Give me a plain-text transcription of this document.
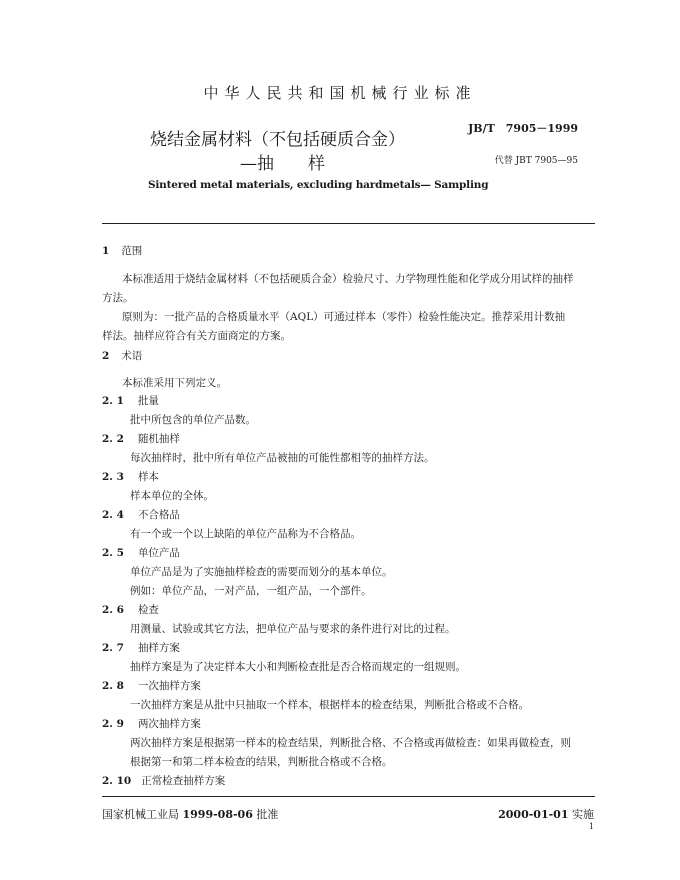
中华人民共和国机械行业标准
烧结金属材料（不包括硬质合金）
—抽　　样
JB/T　7905－1999
代替 JBT 7905—95
Sintered metal materials, excluding hardmetals— Sampling
1 范围
本标准适用于烧结金属材料（不包括硬质合金）检验尺寸、力学物理性能和化学成分用试样的抽样
方法。
原则为：一批产品的合格质量水平（AQL）可通过样本（零件）检验性能决定。推荐采用计数抽
样法。抽样应符合有关方面商定的方案。
2 术语
本标准采用下列定义。
2. 1 批量
批中所包含的单位产品数。
2. 2 随机抽样
每次抽样时，批中所有单位产品被抽的可能性都相等的抽样方法。
2. 3 样本
样本单位的全体。
2. 4 不合格品
有一个或一个以上缺陷的单位产品称为不合格品。
2. 5 单位产品
单位产品是为了实施抽样检查的需要而划分的基本单位。
例如：单位产品，一对产品，一组产品，一个部件。
2. 6 检查
用测量、试验或其它方法，把单位产品与要求的条件进行对比的过程。
2. 7 抽样方案
抽样方案是为了决定样本大小和判断检查批是否合格而规定的一组规则。
2. 8 一次抽样方案
一次抽样方案是从批中只抽取一个样本，根据样本的检查结果，判断批合格或不合格。
2. 9 两次抽样方案
两次抽样方案是根据第一样本的检查结果，判断批合格、不合格或再做检查：如果再做检查，则
根据第一和第二样本检查的结果，判断批合格或不合格。
2. 10 正常检查抽样方案
国家机械工业局 1999-08-06 批准	2000-01-01 实施
1
